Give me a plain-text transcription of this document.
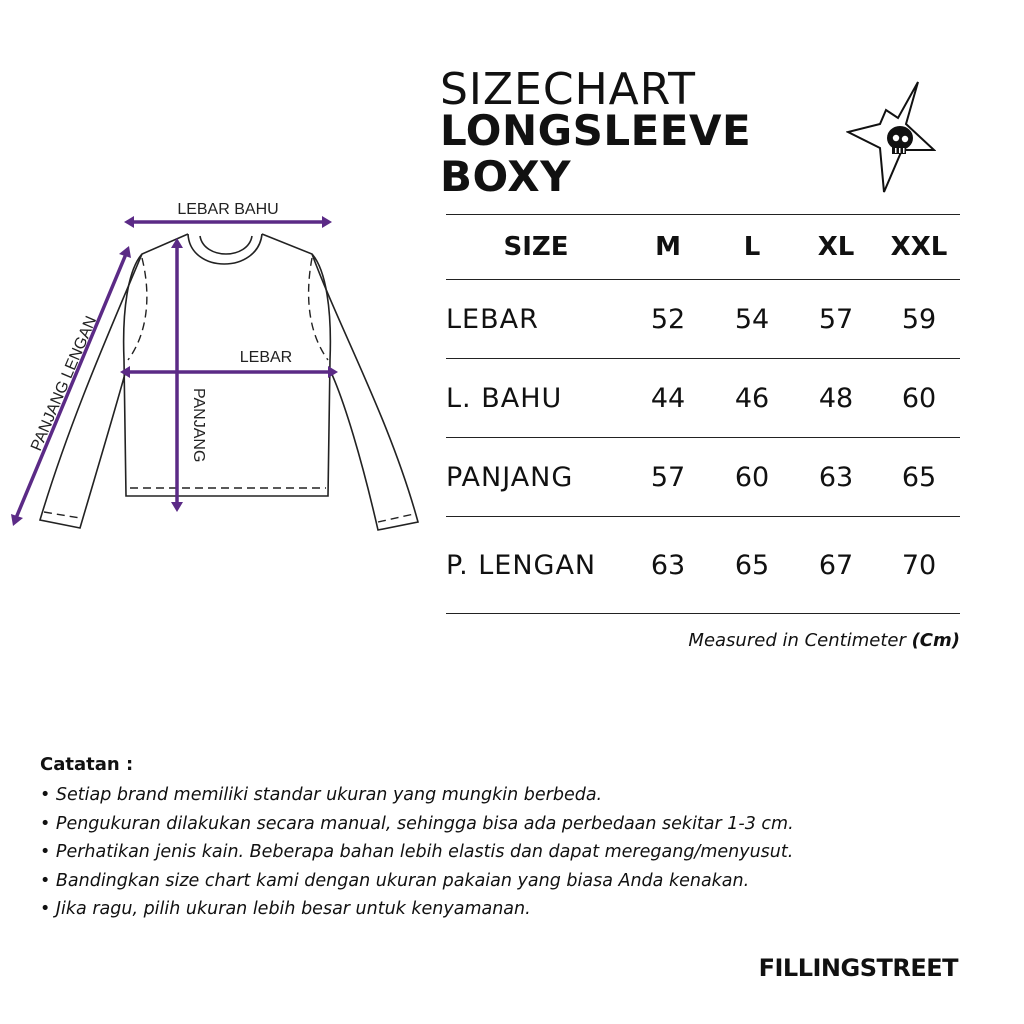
SIZECHART
LONGSLEEVE
BOXY
SIZE	M	L	XL	XXL
LEBAR	52	54	57	59
L. BAHU	44	46	48	60
PANJANG	57	60	63	65
P. LENGAN	63	65	67	70

Measured in Centimeter (Cm)

LEBAR BAHU
LEBAR
PANJANG
PANJANG LENGAN

Catatan :

• Setiap brand memiliki standar ukuran yang mungkin berbeda.
• Pengukuran dilakukan secara manual, sehingga bisa ada perbedaan sekitar 1-3 cm.
• Perhatikan jenis kain. Beberapa bahan lebih elastis dan dapat meregang/menyusut.
• Bandingkan size chart kami dengan ukuran pakaian yang biasa Anda kenakan.
• Jika ragu, pilih ukuran lebih besar untuk kenyamanan.

FILLINGSTREET
